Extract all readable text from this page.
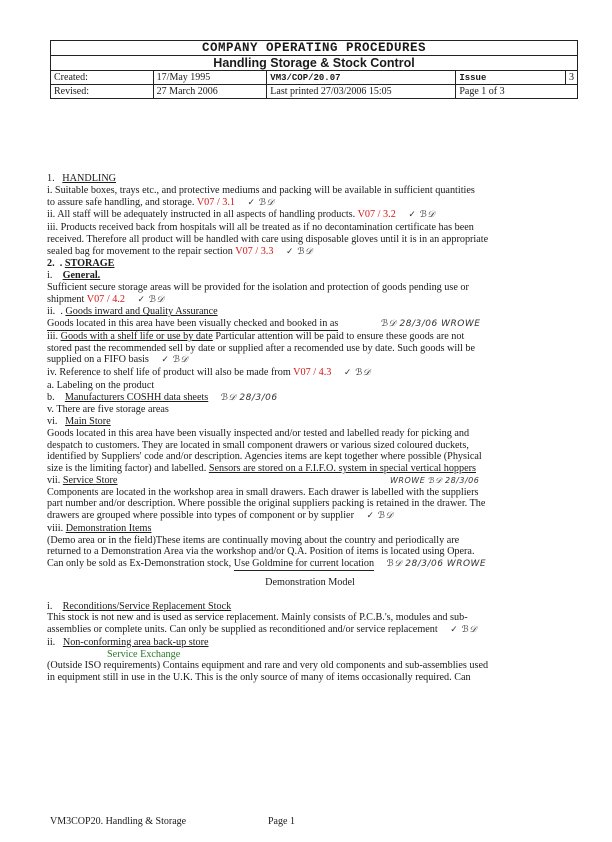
COMPANY OPERATING PROCEDURES				
Handling Storage & Stock Control				
Created:	17/May 1995	VM3/COP/20.07	Issue	3
Revised:	27 March 2006	Last printed 27/03/2006 15:05	Page 1 of 3	
1. HANDLING
i. Suitable boxes, trays etc., and protective mediums and packing will be available in sufficient quantities
to assure safe handling, and storage. V07 / 3.1 ✓ ℬ𝒟
ii. All staff will be adequately instructed in all aspects of handling products. V07 / 3.2 ✓ ℬ𝒟
iii. Products received back from hospitals will all be treated as if no decontamination certificate has been
received. Therefore all product will be handled with care using disposable gloves until it is in an appropriate
sealed bag for movement to the repair section V07 / 3.3 ✓ ℬ𝒟
2.  . STORAGE
i. General.
Sufficient secure storage areas will be provided for the isolation and protection of goods pending use or
shipment V07 / 4.2 ✓ ℬ𝒟
ii.  . Goods inward and Quality Assurance
Goods located in this area have been visually checked and booked in as	ℬ𝒟 28/3/06 WROWE
iii. Goods with a shelf life or use by date Particular attention will be paid to ensure these goods are not
stored past the recommended sell by date or supplied after a recomended use by date. Such goods will be
supplied on a FIFO basis ✓ ℬ𝒟
iv. Reference to shelf life of product will also be made from V07 / 4.3 ✓ ℬ𝒟
a. Labeling on the product
b. Manufacturers COSHH data sheets ℬ𝒟 28/3/06
v. There are five storage areas
vi. Main Store
Goods located in this area have been visually inspected and/or tested and labelled ready for picking and
despatch to customers. They are located in small component drawers or various sized coloured duckets,
identified by Suppliers' code and/or description. Agencies items are kept together where possible (Physical
size is the limiting factor) and labelled. Sensors are stored on a F.I.F.O. system in special vertical hoppers
vii. Service Store	WROWE ℬ𝒟 28/3/06
Components are located in the workshop area in small drawers. Each drawer is labelled with the suppliers
part number and/or description. Where possible the original suppliers packing is retained in the drawer. The
drawers are grouped where possible into types of component or by supplier ✓ ℬ𝒟
viii. Demonstration Items
(Demo area or in the field)These items are continually moving about the country and periodically are
returned to a Demonstration Area via the workshop and/or Q.A. Position of items is located using Opera.
Can only be sold as Ex-Demonstration stock, Use Goldmine for current location ℬ𝒟 28/3/06 WROWE
Demonstration Model
i. Reconditions/Service Replacement Stock
This stock is not new and is used as service replacement. Mainly consists of P.C.B.'s, modules and sub-
assemblies or complete units. Can only be supplied as reconditioned and/or service replacement ✓ ℬ𝒟
ii. Non-conforming area back-up store
Service Exchange
(Outside ISO requirements) Contains equipment and rare and very old components and sub-assemblies used
in equipment still in use in the U.K. This is the only source of many of items occasionally required. Can
VM3COP20. Handling & Storage	Page 1
